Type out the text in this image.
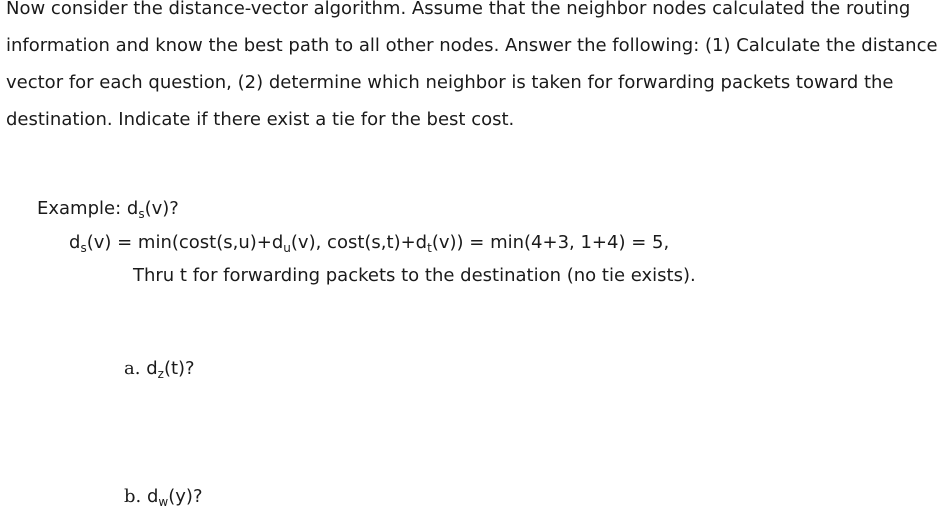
Now consider the distance-vector algorithm. Assume that the neighbor nodes calculated the routing
information and know the best path to all other nodes. Answer the following: (1) Calculate the distance
vector for each question, (2) determine which neighbor is taken for forwarding packets toward the
destination. Indicate if there exist a tie for the best cost.
Example: $d_s(v)$?
$d_s(v) = \min(\cos t(s,u)+d_u(v)$, $\cos t(s,t)+d_t(v)) = \min(4+3$, 1+4) = 5,
Thru t for forwarding packets to the destination (no tie exists).
a. $d_z(t)$?
b. $d_w(y)$?
